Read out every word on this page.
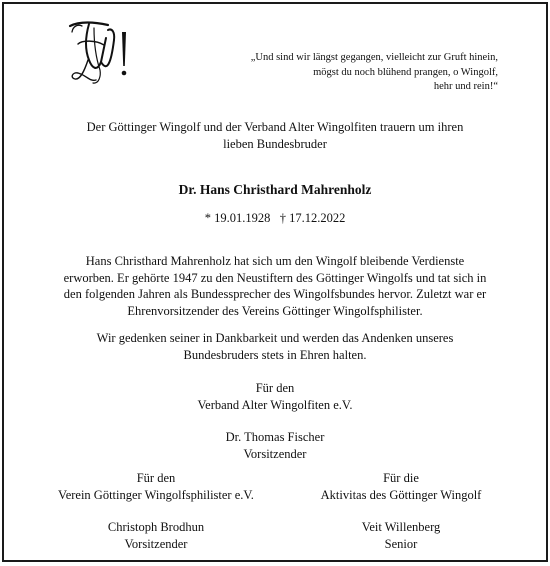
„Und sind wir längst gegangen, vielleicht zur Gruft hinein,
mögst du noch blühend prangen, o Wingolf,
hehr und rein!“
Der Göttinger Wingolf und der Verband Alter Wingolfiten trauern um ihren
lieben Bundesbruder
Dr. Hans Christhard Mahrenholz
* 19.01.1928   † 17.12.2022
Hans Christhard Mahrenholz hat sich um den Wingolf bleibende Verdienste
erworben. Er gehörte 1947 zu den Neustiftern des Göttinger Wingolfs und tat sich in
den folgenden Jahren als Bundessprecher des Wingolfsbundes hervor. Zuletzt war er
Ehrenvorsitzender des Vereins Göttinger Wingolfsphilister.
Wir gedenken seiner in Dankbarkeit und werden das Andenken unseres
Bundesbruders stets in Ehren halten.
Für den
Verband Alter Wingolfiten e.V.
Dr. Thomas Fischer
Vorsitzender
Für den
Verein Göttinger Wingolfsphilister e.V.
Christoph Brodhun
Vorsitzender
Für die
Aktivitas des Göttinger Wingolf
Veit Willenberg
Senior
